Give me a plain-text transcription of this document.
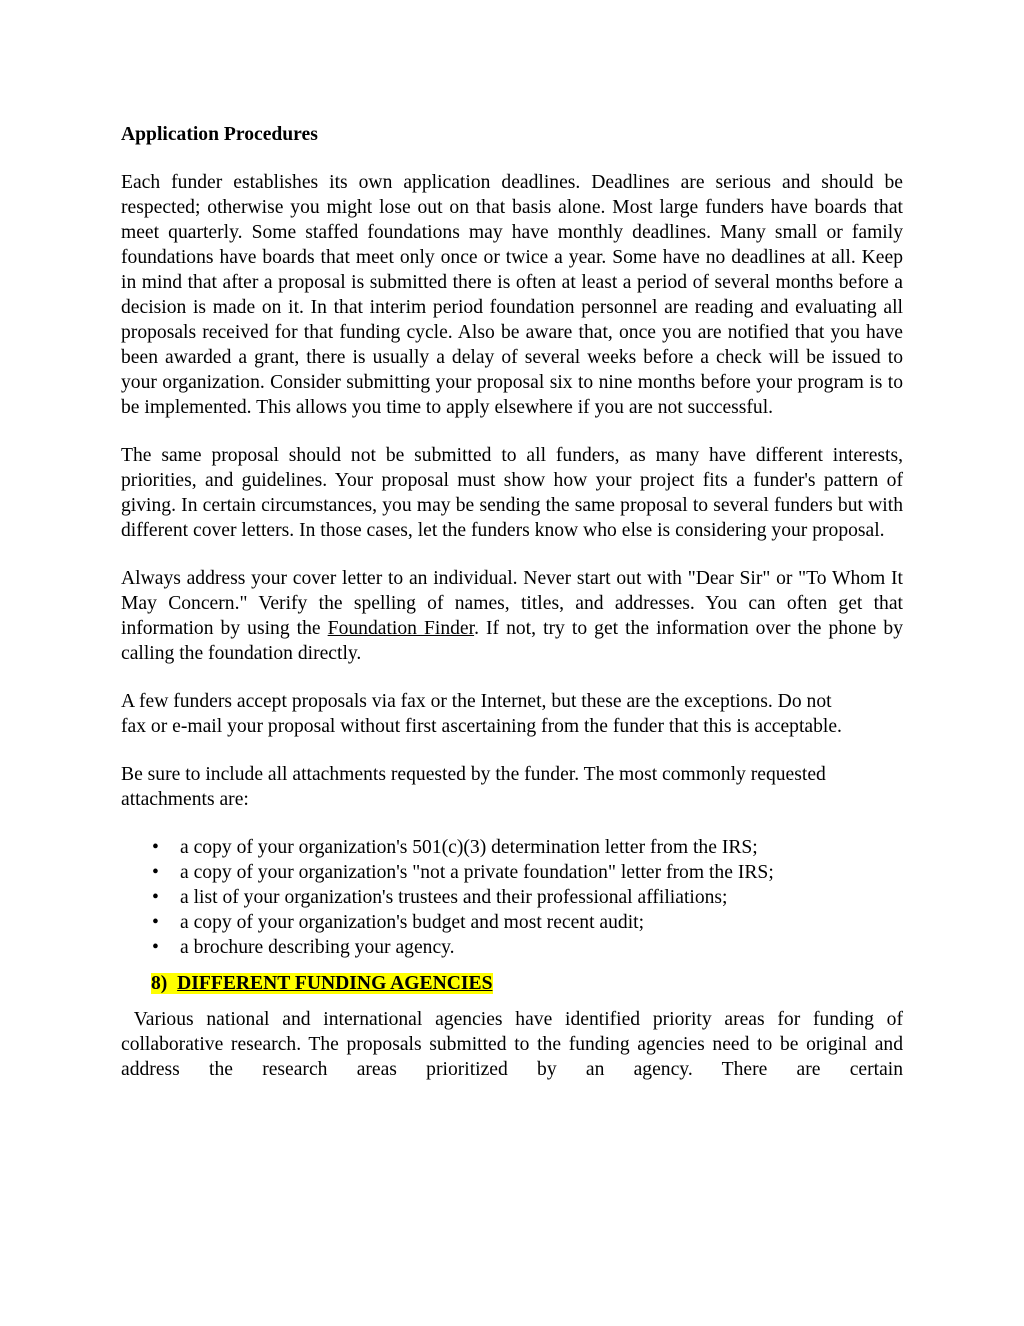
Application Procedures

Each funder establishes its own application deadlines. Deadlines are serious and should be respected; otherwise you might lose out on that basis alone. Most large funders have boards that meet quarterly. Some staffed foundations may have monthly deadlines. Many small or family foundations have boards that meet only once or twice a year. Some have no deadlines at all. Keep in mind that after a proposal is submitted there is often at least a period of several months before a decision is made on it. In that interim period foundation personnel are reading and evaluating all proposals received for that funding cycle. Also be aware that, once you are notified that you have been awarded a grant, there is usually a delay of several weeks before a check will be issued to your organization. Consider submitting your proposal six to nine months before your program is to be implemented. This allows you time to apply elsewhere if you are not successful.

The same proposal should not be submitted to all funders, as many have different interests, priorities, and guidelines. Your proposal must show how your project fits a funder's pattern of giving. In certain circumstances, you may be sending the same proposal to several funders but with different cover letters. In those cases, let the funders know who else is considering your proposal.

Always address your cover letter to an individual. Never start out with "Dear Sir" or "To Whom It May Concern." Verify the spelling of names, titles, and addresses. You can often get that information by using the Foundation Finder. If not, try to get the information over the phone by calling the foundation directly.

A few funders accept proposals via fax or the Internet, but these are the exceptions. Do not fax or e-mail your proposal without first ascertaining from the funder that this is acceptable.

Be sure to include all attachments requested by the funder. The most commonly requested attachments are:

• a copy of your organization's 501(c)(3) determination letter from the IRS;
• a copy of your organization's "not a private foundation" letter from the IRS;
• a list of your organization's trustees and their professional affiliations;
• a copy of your organization's budget and most recent audit;
• a brochure describing your agency.
8) DIFFERENT FUNDING AGENCIES

Various national and international agencies have identified priority areas for funding of collaborative research. The proposals submitted to the funding agencies need to be original and address the research areas prioritized by an agency. There are certain
